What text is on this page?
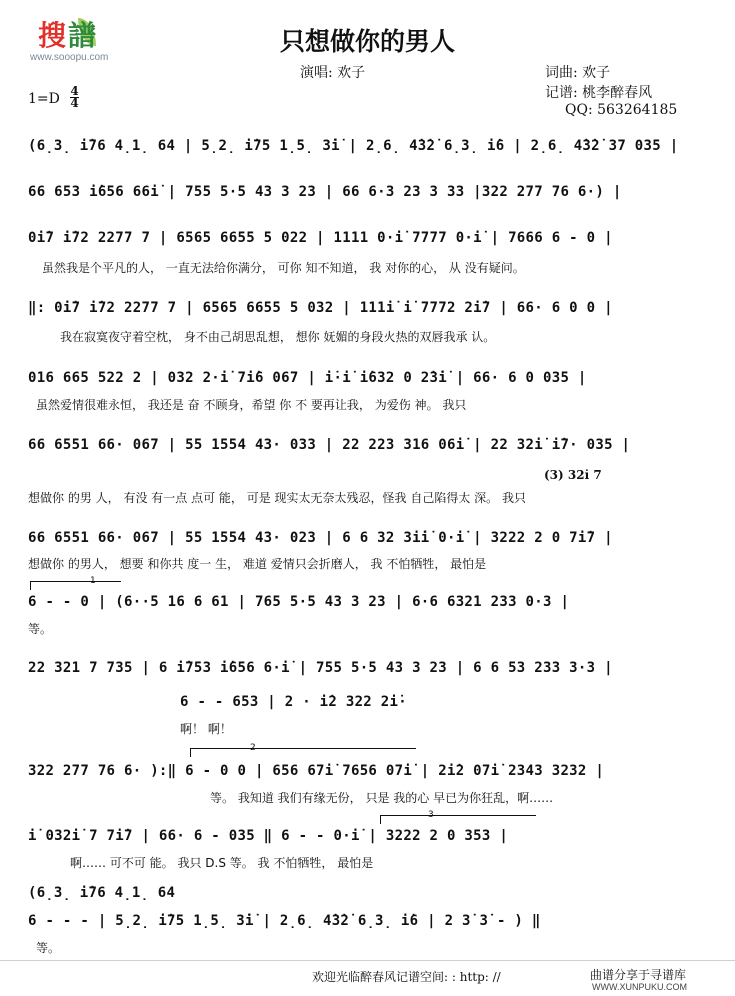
搜譜
www.sooopu.com
只想做你的男人
演唱: 欢子	词曲: 欢子
记谱: 桃李醉春风
QQ: 563264185
1=D 4
4
(6̣3̣ i̇76 4̣1̣ 64 | 5̣2̣ i̇75 1̣5̣ 3̇i̇ | 2̣6̣ 4̇3̇2̇ 6̣3̣ i̇6 | 2̣6̣ 4̇3̇2̇ 37 035 |
66 653 i̇656 66i̇ | 755 5·5 43 3 23 | 66 6·3 23 3 33 |322 277 76 6·) |
0i̇7 i̇72 2277 7 | 6565 6655 5 022 | 1111 0·i̇ 7777 0·i̇ | 7666 6 - 0 |
虽然我是个平凡的人， 一直无法给你满分， 可你 知不知道， 我 对你的心， 从 没有疑问。
‖: 0i̇7 i̇72 2277 7 | 6565 6655 5 032 | 111i̇ i̇ 7772 2i̇7 | 66· 6 0 0 |
我在寂寞夜守着空枕， 身不由己胡思乱想， 想你 妩媚的身段火热的双唇我承 认。
016 665 522 2 | 032 2·i̇ 7i̇6 067 | i̇·i̇ i̇632 0 2̇3̇i̇ | 66· 6 0 035 |
虽然爱情很难永恒， 我还是 奋 不顾身，希望 你 不 要再让我， 为爱伤 神。 我只
66 6551 66· 067 | 55 1554 43· 033 | 22 223 316 06i̇ | 22 32i̇ i̇7· 035 |
(3) 32i̇ 7
想做你 的男 人， 有没 有一点 点可 能， 可是 现实太无奈太残忍，怪我 自己陷得太 深。 我只
66 6551 66· 067 | 55 1554 43· 023 | 6 6 32 3i̇i̇ 0·i̇ | 3222 2 0 7i̇7 |
想做你 的男人， 想要 和你共 度一 生， 难道 爱情只会折磨人， 我 不怕牺牲， 最怕是
1
6 - - 0 | (6··5 16 6 61 | 765 5·5 43 3 23 | 6·6 6321 233 0·3 |
等。
22 321 7 735 | 6 i̇753 i̇656 6·i̇ | 755 5·5 43 3 23 | 6 6 53 233 3·3 |
6 - - 653 | 2 · i̇2 322 2i̇·
啊！ 啊！
2
322 277 76 6· ):‖ 6 - 0 0 | 656 67i̇ 7656 07i̇ | 2i̇2 07i̇ 2343 3232 |
等。 我知道 我们有缘无份， 只是 我的心 早已为你狂乱，啊……
3
i̇ 032i̇ 7 7i̇7 | 66· 6 - 035 ‖ 6 - - 0·i̇ | 3222 2 0 353 |
啊…… 可不可 能。 我只 D.S 等。 我 不怕牺牲， 最怕是
(6̣3̣ i̇76 4̣1̣ 64
6 - - - | 5̣2̣ i̇75 1̣5̣ 3̇i̇ | 2̣6̣ 4̇3̇2̇ 6̣3̣ i̇6 | 2 3̇ 3̇ - ) ‖
等。
欢迎光临醉春风记谱空间: : http: //	曲谱分享于寻谱库
WWW.XUNPUKU.COM
